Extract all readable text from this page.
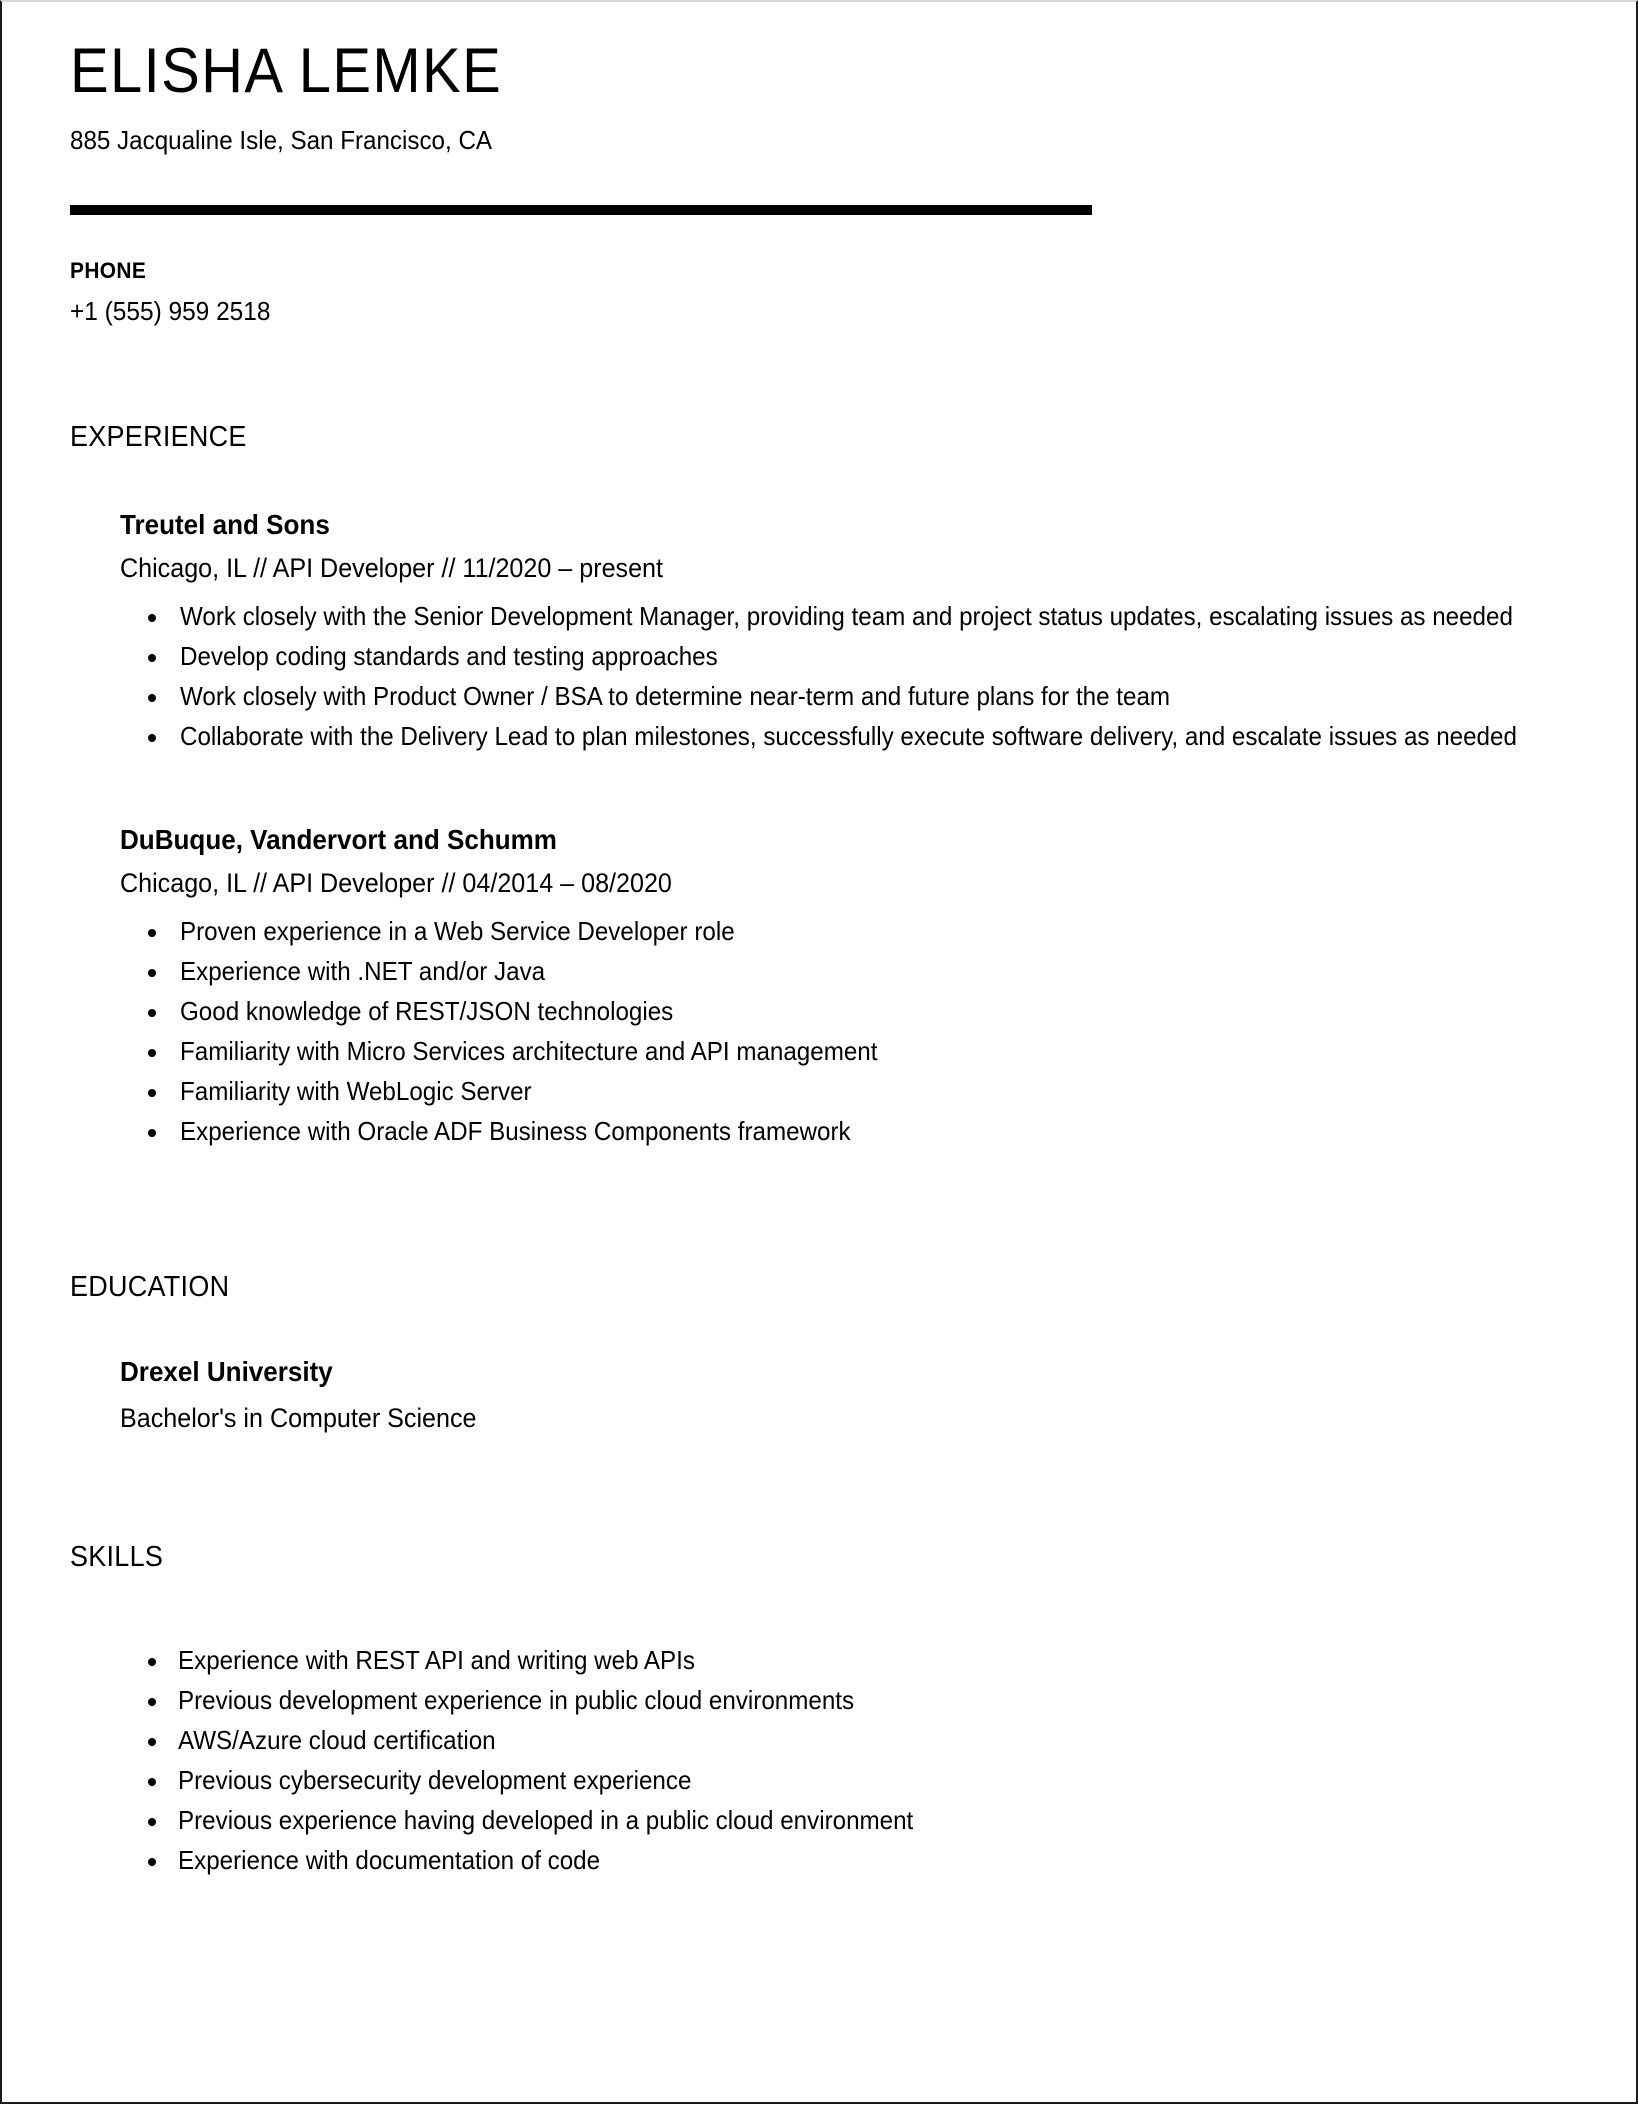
ELISHA LEMKE
885 Jacqualine Isle, San Francisco, CA
PHONE
+1 (555) 959 2518
EXPERIENCE
Treutel and Sons
Chicago, IL // API Developer // 11/2020 – present
Work closely with the Senior Development Manager, providing team and project status updates, escalating issues as needed
Develop coding standards and testing approaches
Work closely with Product Owner / BSA to determine near-term and future plans for the team
Collaborate with the Delivery Lead to plan milestones, successfully execute software delivery, and escalate issues as needed
DuBuque, Vandervort and Schumm
Chicago, IL // API Developer // 04/2014 – 08/2020
Proven experience in a Web Service Developer role
Experience with .NET and/or Java
Good knowledge of REST/JSON technologies
Familiarity with Micro Services architecture and API management
Familiarity with WebLogic Server
Experience with Oracle ADF Business Components framework
EDUCATION
Drexel University
Bachelor's in Computer Science
SKILLS
Experience with REST API and writing web APIs
Previous development experience in public cloud environments
AWS/Azure cloud certification
Previous cybersecurity development experience
Previous experience having developed in a public cloud environment
Experience with documentation of code
